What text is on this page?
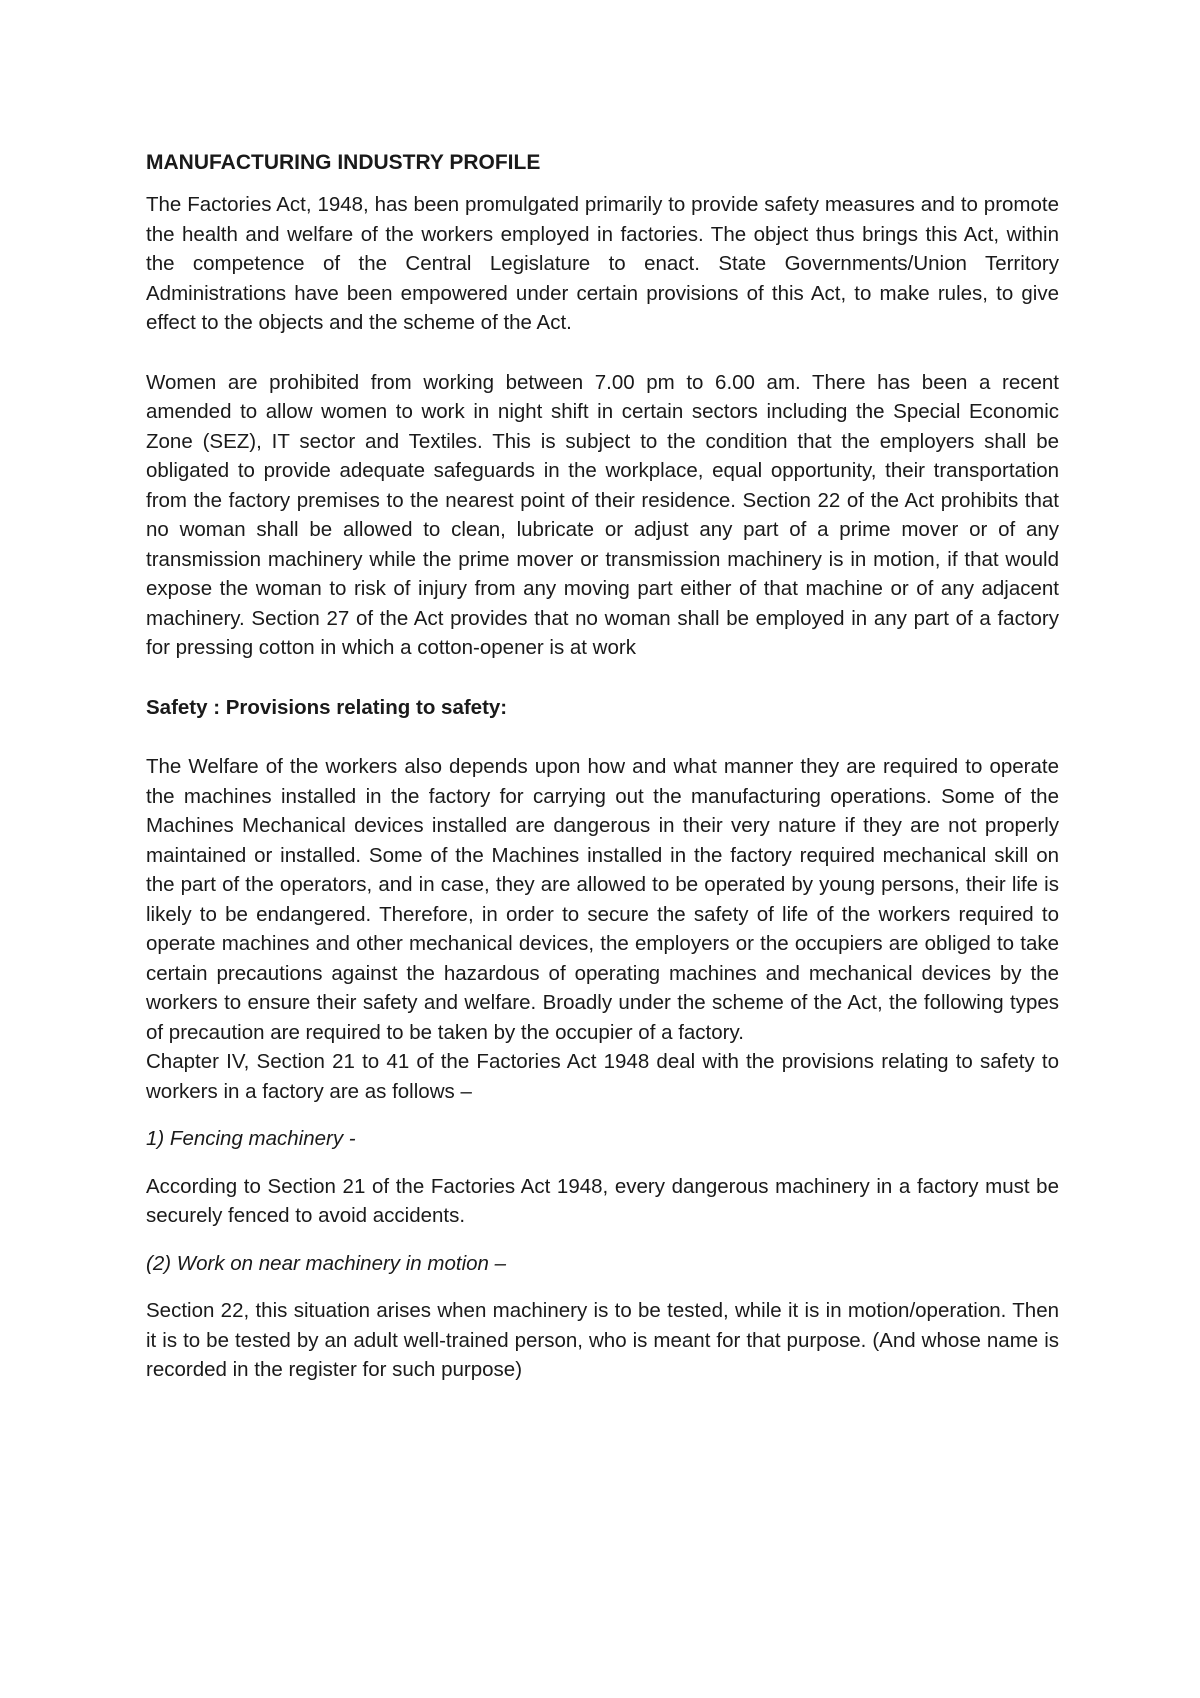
MANUFACTURING INDUSTRY PROFILE

The Factories Act, 1948, has been promulgated primarily to provide safety measures and to promote the health and welfare of the workers employed in factories. The object thus brings this Act, within the competence of the Central Legislature to enact. State Governments/Union Territory Administrations have been empowered under certain provisions of this Act, to make rules, to give effect to the objects and the scheme of the Act.

Women are prohibited from working between 7.00 pm to 6.00 am. There has been a recent amended to allow women to work in night shift in certain sectors including the Special Economic Zone (SEZ), IT sector and Textiles. This is subject to the condition that the employers shall be obligated to provide adequate safeguards in the workplace, equal opportunity, their transportation from the factory premises to the nearest point of their residence. Section 22 of the Act prohibits that no woman shall be allowed to clean, lubricate or adjust any part of a prime mover or of any transmission machinery while the prime mover or transmission machinery is in motion, if that would expose the woman to risk of injury from any moving part either of that machine or of any adjacent machinery. Section 27 of the Act provides that no woman shall be employed in any part of a factory for pressing cotton in which a cotton-opener is at work

Safety : Provisions relating to safety:

The Welfare of the workers also depends upon how and what manner they are required to operate the machines installed in the factory for carrying out the manufacturing operations. Some of the Machines Mechanical devices installed are dangerous in their very nature if they are not properly maintained or installed. Some of the Machines installed in the factory required mechanical skill on the part of the operators, and in case, they are allowed to be operated by young persons, their life is likely to be endangered. Therefore, in order to secure the safety of life of the workers required to operate machines and other mechanical devices, the employers or the occupiers are obliged to take certain precautions against the hazardous of operating machines and mechanical devices by the workers to ensure their safety and welfare. Broadly under the scheme of the Act, the following types of precaution are required to be taken by the occupier of a factory.

Chapter IV, Section 21 to 41 of the Factories Act 1948 deal with the provisions relating to safety to workers in a factory are as follows –

1) Fencing machinery -

According to Section 21 of the Factories Act 1948, every dangerous machinery in a factory must be securely fenced to avoid accidents.

(2) Work on near machinery in motion –

Section 22, this situation arises when machinery is to be tested, while it is in motion/operation. Then it is to be tested by an adult well-trained person, who is meant for that purpose. (And whose name is recorded in the register for such purpose)
